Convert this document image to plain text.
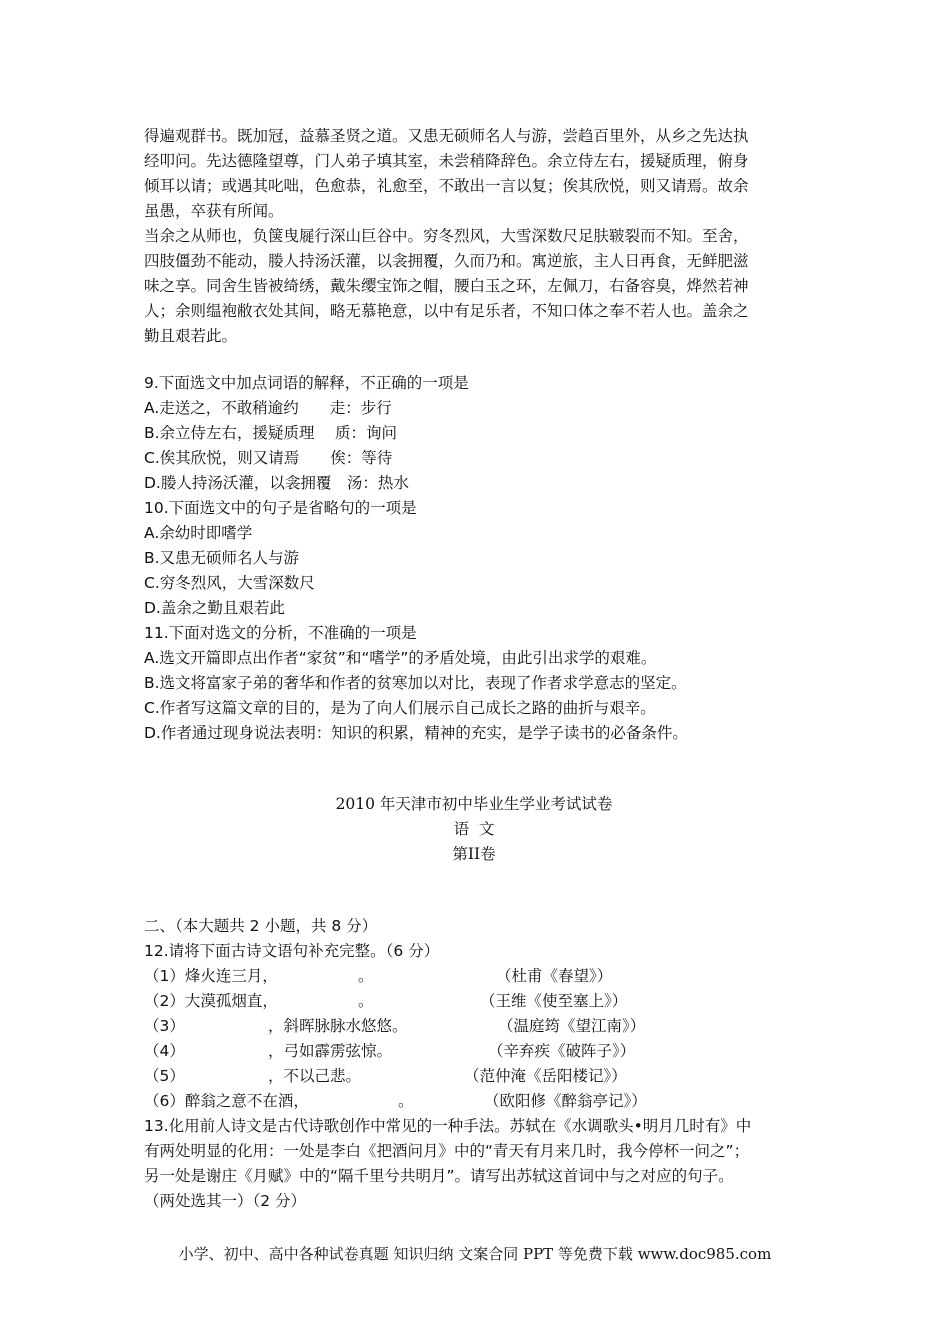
得遍观群书。既加冠，益慕圣贤之道。又患无硕师名人与游，尝趋百里外，从乡之先达执
经叩问。先达德隆望尊，门人弟子填其室，未尝稍降辞色。余立侍左右，援疑质理，俯身
倾耳以请；或遇其叱咄，色愈恭，礼愈至，不敢出一言以复；俟其欣悦，则又请焉。故余
虽愚，卒获有所闻。
当余之从师也，负箧曳屣行深山巨谷中。穷冬烈风，大雪深数尺足肤皲裂而不知。至舍，
四肢僵劲不能动，媵人持汤沃灌，以衾拥覆，久而乃和。寓逆旅，主人日再食，无鲜肥滋
味之享。同舍生皆被绮绣，戴朱缨宝饰之帽，腰白玉之环，左佩刀，右备容臭，烨然若神
人；余则缊袍敝衣处其间，略无慕艳意，以中有足乐者，不知口体之奉不若人也。盖余之
勤且艰若此。
9.下面选文中加点词语的解释，不正确的一项是
A.走送之，不敢稍逾约　　走：步行
B.余立侍左右，援疑质理　 质：询问
C.俟其欣悦，则又请焉　　俟：等待
D.媵人持汤沃灌，以衾拥覆　汤：热水
10.下面选文中的句子是省略句的一项是
A.余幼时即嗜学
B.又患无硕师名人与游
C.穷冬烈风，大雪深数尺
D.盖余之勤且艰若此
11.下面对选文的分析，不准确的一项是
A.选文开篇即点出作者“家贫”和“嗜学”的矛盾处境，由此引出求学的艰难。
B.选文将富家子弟的奢华和作者的贫寒加以对比，表现了作者求学意志的坚定。
C.作者写这篇文章的目的，是为了向人们展示自己成长之路的曲折与艰辛。
D.作者通过现身说法表明：知识的积累，精神的充实，是学子读书的必备条件。
2010 年天津市初中毕业生学业考试试卷
语  文
第II卷
二、（本大题共 2 小题，共 8 分）
12.请将下面古诗文语句补充完整。（6 分）
（1）烽火连三月，	。	（杜甫《春望》）
（2）大漠孤烟直，	。	（王维《使至塞上》）
（3）	，斜晖脉脉水悠悠。	（温庭筠《望江南》）
（4）	，弓如霹雳弦惊。	（辛弃疾《破阵子》）
（5）	，不以己悲。	（范仲淹《岳阳楼记》）
（6）醉翁之意不在酒，	。	（欧阳修《醉翁亭记》）
13.化用前人诗文是古代诗歌创作中常见的一种手法。苏轼在《水调歌头•明月几时有》中
有两处明显的化用：一处是李白《把酒问月》中的“青天有月来几时，我今停杯一问之”；
另一处是谢庄《月赋》中的“隔千里兮共明月”。请写出苏轼这首词中与之对应的句子。
（两处选其一）（2 分）
小学、初中、高中各种试卷真题 知识归纳 文案合同 PPT 等免费下载 www.doc985.com
